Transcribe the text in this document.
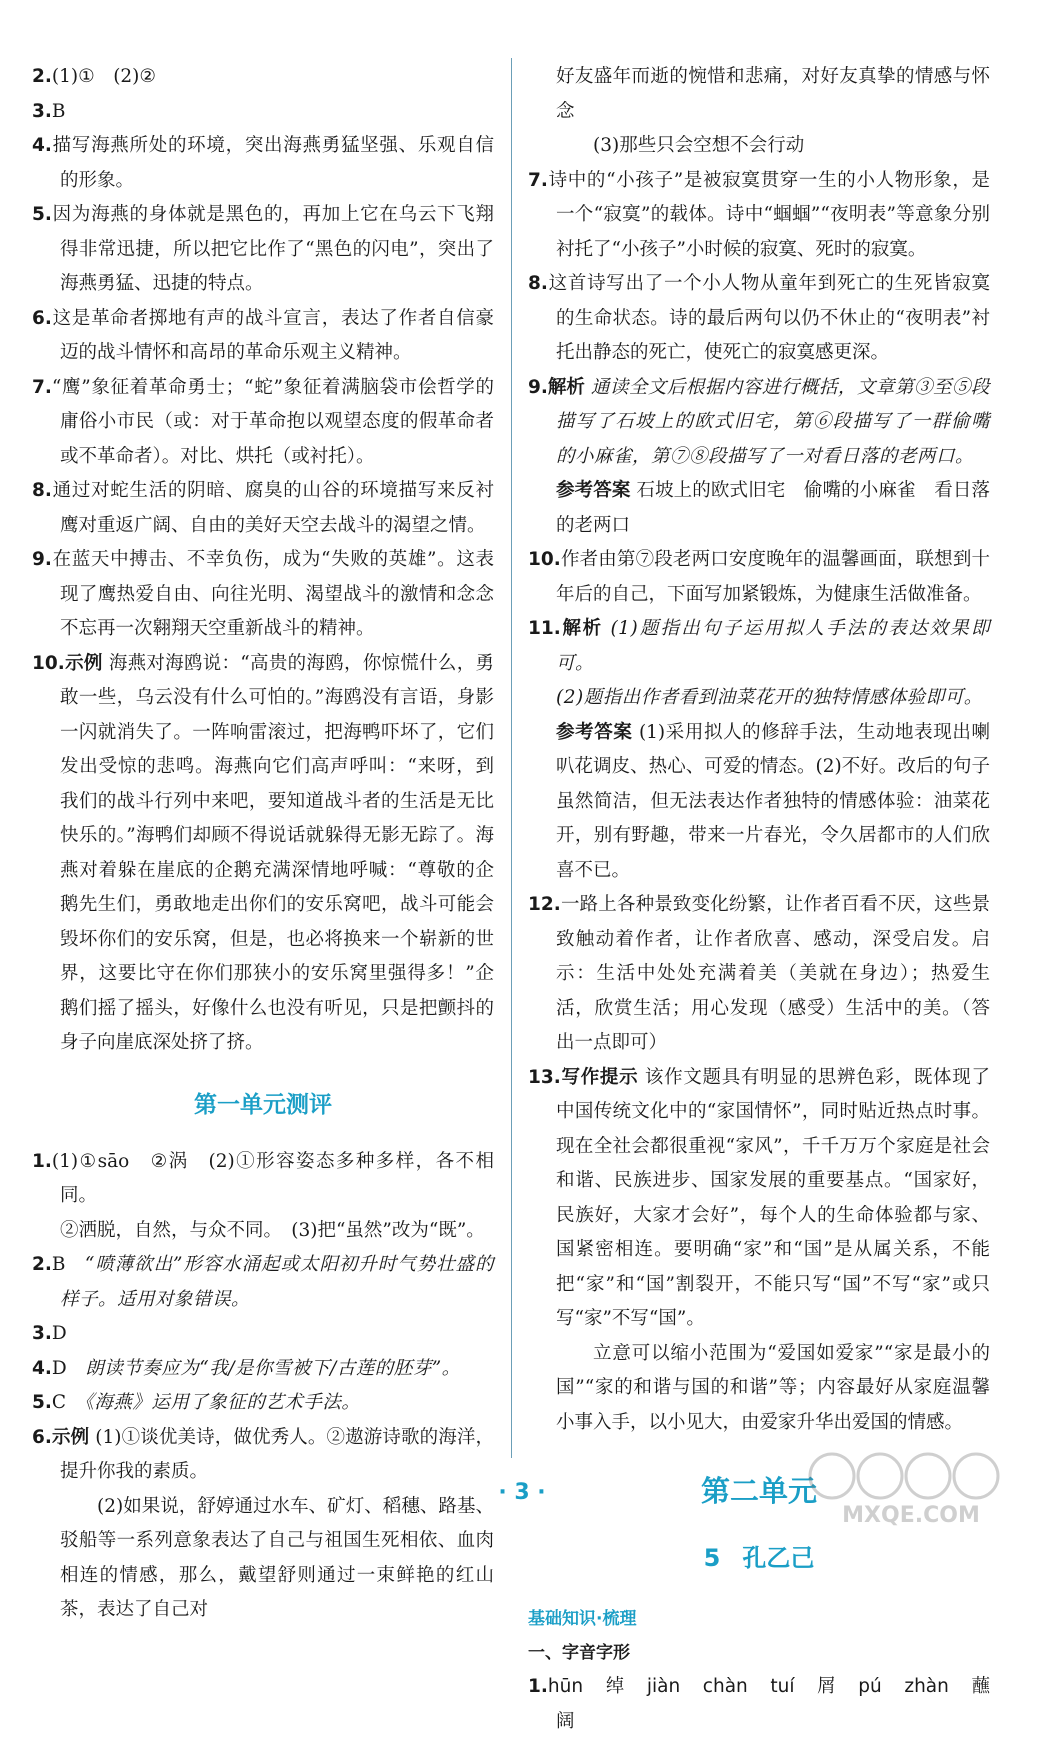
2.(1)①　(2)②

3.B

4.描写海燕所处的环境，突出海燕勇猛坚强、乐观自信的形象。

5.因为海燕的身体就是黑色的，再加上它在乌云下飞翔得非常迅捷，所以把它比作了“黑色的闪电”，突出了海燕勇猛、迅捷的特点。

6.这是革命者掷地有声的战斗宣言，表达了作者自信豪迈的战斗情怀和高昂的革命乐观主义精神。

7.“鹰”象征着革命勇士；“蛇”象征着满脑袋市侩哲学的庸俗小市民（或：对于革命抱以观望态度的假革命者或不革命者）。对比、烘托（或衬托）。

8.通过对蛇生活的阴暗、腐臭的山谷的环境描写来反衬鹰对重返广阔、自由的美好天空去战斗的渴望之情。

9.在蓝天中搏击、不幸负伤，成为“失败的英雄”。这表现了鹰热爱自由、向往光明、渴望战斗的激情和念念不忘再一次翱翔天空重新战斗的精神。

10.示例 海燕对海鸥说：“高贵的海鸥，你惊慌什么，勇敢一些，乌云没有什么可怕的。”海鸥没有言语，身影一闪就消失了。一阵响雷滚过，把海鸭吓坏了，它们发出受惊的悲鸣。海燕向它们高声呼叫：“来呀，到我们的战斗行列中来吧，要知道战斗者的生活是无比快乐的。”海鸭们却顾不得说话就躲得无影无踪了。海燕对着躲在崖底的企鹅充满深情地呼喊：“尊敬的企鹅先生们，勇敢地走出你们的安乐窝吧，战斗可能会毁坏你们的安乐窝，但是，也必将换来一个崭新的世界，这要比守在你们那狭小的安乐窝里强得多！”企鹅们摇了摇头，好像什么也没有听见，只是把颤抖的身子向崖底深处挤了挤。

第一单元测评

1.(1)①sāo　②涡　(2)①形容姿态多种多样，各不相同。
②洒脱，自然，与众不同。　(3)把“虽然”改为“既”。

2.B　 “喷薄欲出”形容水涌起或太阳初升时气势壮盛的样子。适用对象错误。

3.D

4.D　 朗读节奏应为“我/是你雪被下/古莲的胚芽”。

5.C　 《海燕》运用了象征的艺术手法。

6.示例 (1)①谈优美诗，做优秀人。②遨游诗歌的海洋，提升你我的素质。

(2)如果说，舒婷通过水车、矿灯、稻穗、路基、驳船等一系列意象表达了自己与祖国生死相依、血肉相连的情感，那么，戴望舒则通过一束鲜艳的红山茶，表达了自己对

好友盛年而逝的惋惜和悲痛，对好友真挚的情感与怀念

(3)那些只会空想不会行动

7.诗中的“小孩子”是被寂寞贯穿一生的小人物形象，是一个“寂寞”的载体。诗中“蝈蝈”“夜明表”等意象分别衬托了“小孩子”小时候的寂寞、死时的寂寞。

8.这首诗写出了一个小人物从童年到死亡的生死皆寂寞的生命状态。诗的最后两句以仍不休止的“夜明表”衬托出静态的死亡，使死亡的寂寞感更深。

9.解析 通读全文后根据内容进行概括，文章第③至⑤段描写了石坡上的欧式旧宅，第⑥段描写了一群偷嘴的小麻雀，第⑦⑧段描写了一对看日落的老两口。

参考答案 石坡上的欧式旧宅　偷嘴的小麻雀　看日落的老两口

10.作者由第⑦段老两口安度晚年的温馨画面，联想到十年后的自己，下面写加紧锻炼，为健康生活做准备。

11.解析 (1)题指出句子运用拟人手法的表达效果即可。

(2)题指出作者看到油菜花开的独特情感体验即可。

参考答案 (1)采用拟人的修辞手法，生动地表现出喇叭花调皮、热心、可爱的情态。(2)不好。改后的句子虽然简洁，但无法表达作者独特的情感体验：油菜花开，别有野趣，带来一片春光，令久居都市的人们欣喜不已。

12.一路上各种景致变化纷繁，让作者百看不厌，这些景致触动着作者，让作者欣喜、感动，深受启发。启示：生活中处处充满着美（美就在身边）；热爱生活，欣赏生活；用心发现（感受）生活中的美。（答出一点即可）

13.写作提示 该作文题具有明显的思辨色彩，既体现了中国传统文化中的“家国情怀”，同时贴近热点时事。现在全社会都很重视“家风”，千千万万个家庭是社会和谐、民族进步、国家发展的重要基点。“国家好，民族好，大家才会好”，每个人的生命体验都与家、国紧密相连。要明确“家”和“国”是从属关系，不能把“家”和“国”割裂开，不能只写“国”不写“家”或只写“家”不写“国”。

立意可以缩小范围为“爱国如爱家”“家是最小的国”“家的和谐与国的和谐”等；内容最好从家庭温馨小事入手，以小见大，由爱家升华出爱国的情感。

第二单元
5 孔乙己
基础知识·梳理
一、字音字形

1.hūn　绰　jiàn　chàn　tuí　屑　pú　zhàn　蘸　阔

· 3 ·
MXQE.COM
